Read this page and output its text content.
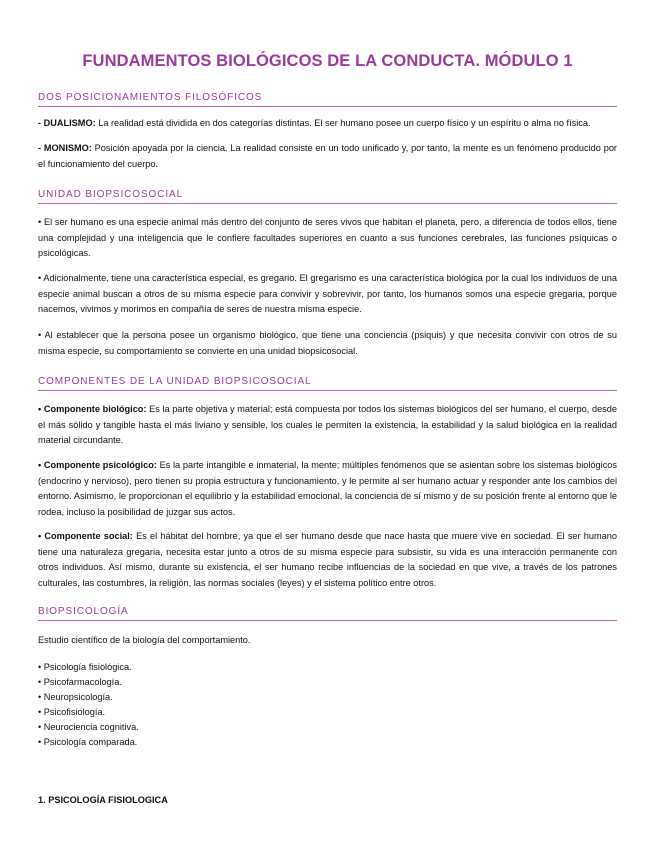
FUNDAMENTOS BIOLÓGICOS DE LA CONDUCTA. MÓDULO 1
DOS POSICIONAMIENTOS FILOSÓFICOS
- DUALISMO: La realidad está dividida en dos categorías distintas. El ser humano posee un cuerpo físico y un espíritu o alma no física.
- MONISMO: Posición apoyada por la ciencia. La realidad consiste en un todo unificado y, por tanto, la mente es un fenómeno producido por el funcionamiento del cuerpo.
UNIDAD BIOPSICOSOCIAL
• El ser humano es una especie animal más dentro del conjunto de seres vivos que habitan el planeta, pero, a diferencia de todos ellos, tiene una complejidad y una inteligencia que le confiere facultades superiores en cuanto a sus funciones cerebrales, las funciones psíquicas o psicológicas.
• Adicionalmente, tiene una característica especial, es gregario. El gregarismo es una característica biológica por la cual los individuos de una especie animal buscan a otros de su misma especie para convivir y sobrevivir, por tanto, los humanos somos una especie gregaria, porque nacemos, vivimos y morimos en compañía de seres de nuestra misma especie.
• Al establecer que la persona posee un organismo biológico, que tiene una conciencia (psiquis) y que necesita convivir con otros de su misma especie, su comportamiento se convierte en una unidad biopsicosocial.
COMPONENTES DE LA UNIDAD BIOPSICOSOCIAL
• Componente biológico: Es la parte objetiva y material; está compuesta por todos los sistemas biológicos del ser humano, el cuerpo, desde el más sólido y tangible hasta el más liviano y sensible, los cuales le permiten la existencia, la estabilidad y la salud biológica en la realidad material circundante.
• Componente psicológico: Es la parte intangible e inmaterial, la mente; múltiples fenómenos que se asientan sobre los sistemas biológicos (endocrino y nervioso), pero tienen su propia estructura y funcionamiento, y le permite al ser humano actuar y responder ante los cambios del entorno. Asimismo, le proporcionan el equilibrio y la estabilidad emocional, la conciencia de sí mismo y de su posición frente al entorno que le rodea, incluso la posibilidad de juzgar sus actos.
• Componente social: Es el hábitat del hombre, ya que el ser humano desde que nace hasta que muere vive en sociedad. El ser humano tiene una naturaleza gregaria, necesita estar junto a otros de su misma especie para subsistir, su vida es una interacción permanente con otros individuos. Así mismo, durante su existencia, el ser humano recibe influencias de la sociedad en que vive, a través de los patrones culturales, las costumbres, la religión, las normas sociales (leyes) y el sistema político entre otros.
BIOPSICOLOGÍA
Estudio científico de la biología del comportamiento.
• Psicología fisiológica.
• Psicofarmacología.
• Neuropsicología.
• Psicofisiología.
• Neurociencia cognitiva.
• Psicología comparada.
1. PSICOLOGÍA FISIOLOGICA
